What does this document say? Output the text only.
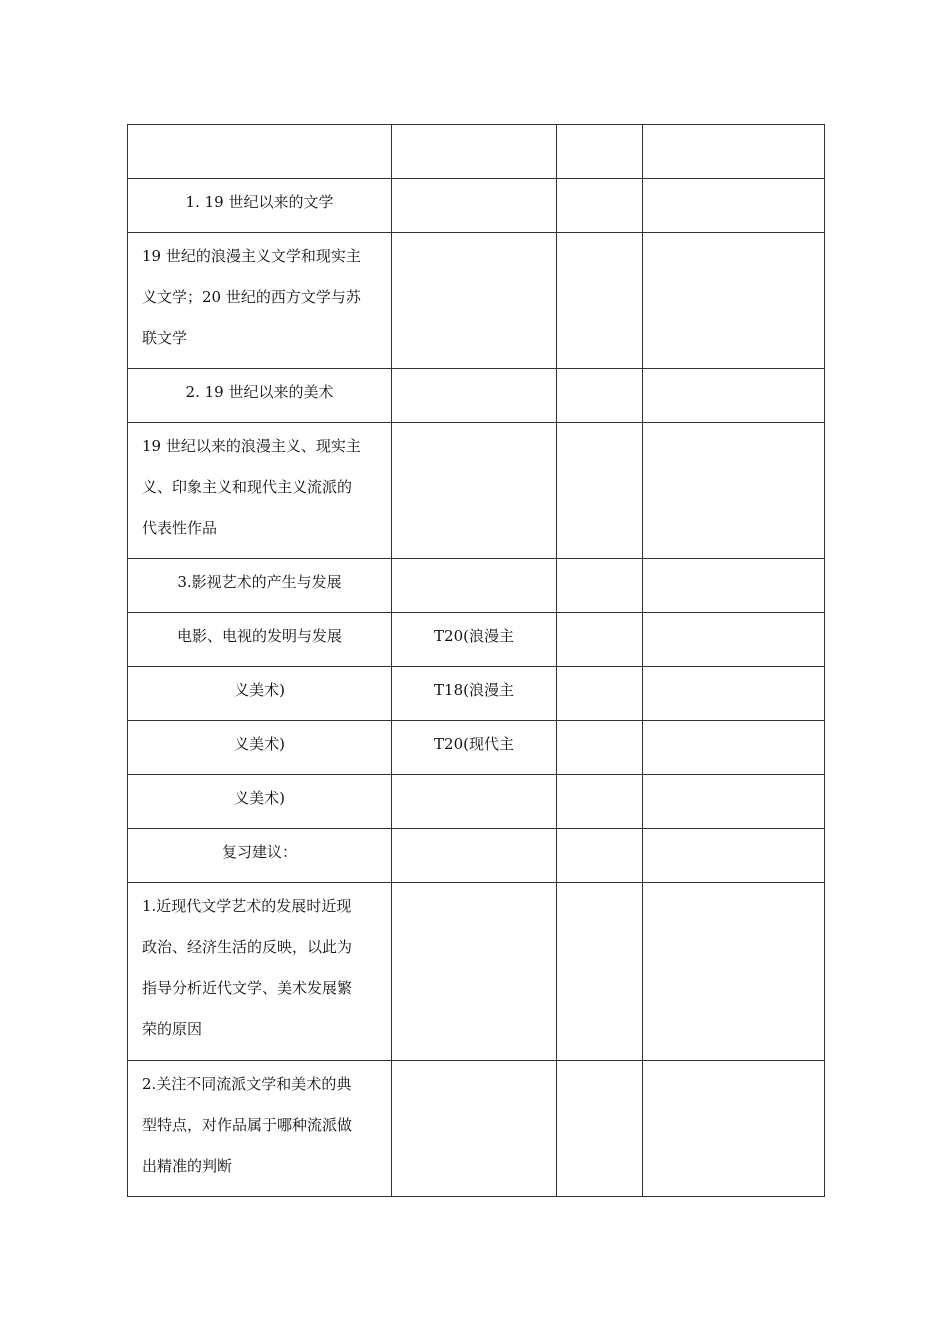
1. 19 世纪以来的文学			

19 世纪的浪漫主义文学和现实主
义文学；20 世纪的西方文学与苏
联文学			

2. 19 世纪以来的美术			

19 世纪以来的浪漫主义、现实主
义、印象主义和现代主义流派的
代表性作品			

3.影视艺术的产生与发展			

电影、电视的发明与发展	T20(浪漫主		

义美术)	T18(浪漫主		

义美术)	T20(现代主		

义美术)			

复习建议：			

1.近现代文学艺术的发展时近现
政治、经济生活的反映，以此为
指导分析近代文学、美术发展繁
荣的原因			

2.关注不同流派文学和美术的典
型特点，对作品属于哪种流派做
出精准的判断			
